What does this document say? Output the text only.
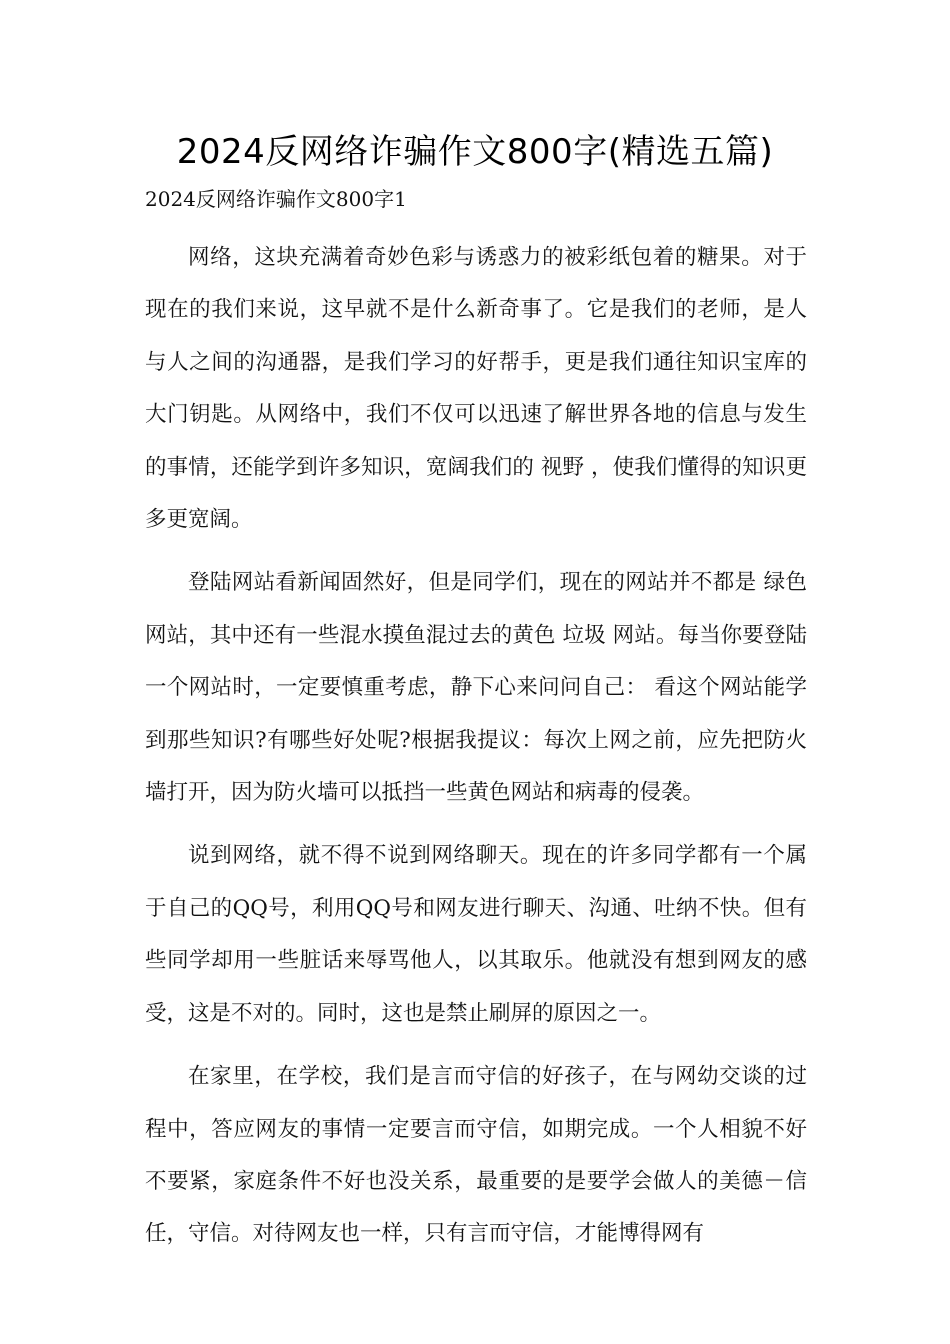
2024反网络诈骗作文800字(精选五篇)
2024反网络诈骗作文800字1

网络，这块充满着奇妙色彩与诱惑力的被彩纸包着的糖果。对于现在的我们来说，这早就不是什么新奇事了。它是我们的老师，是人与人之间的沟通器，是我们学习的好帮手，更是我们通往知识宝库的大门钥匙。从网络中，我们不仅可以迅速了解世界各地的信息与发生的事情，还能学到许多知识，宽阔我们的 视野 ，使我们懂得的知识更多更宽阔。

登陆网站看新闻固然好，但是同学们，现在的网站并不都是 绿色 网站，其中还有一些混水摸鱼混过去的黄色 垃圾 网站。每当你要登陆一个网站时，一定要慎重考虑，静下心来问问自己： 看这个网站能学到那些知识?有哪些好处呢?根据我提议：每次上网之前，应先把防火墙打开，因为防火墙可以抵挡一些黄色网站和病毒的侵袭。

说到网络，就不得不说到网络聊天。现在的许多同学都有一个属于自己的QQ号，利用QQ号和网友进行聊天、沟通、吐纳不快。但有些同学却用一些脏话来辱骂他人，以其取乐。他就没有想到网友的感受，这是不对的。同时，这也是禁止刷屏的原因之一。

在家里，在学校，我们是言而守信的好孩子，在与网幼交谈的过程中，答应网友的事情一定要言而守信，如期完成。一个人相貌不好不要紧，家庭条件不好也没关系，最重要的是要学会做人的美德－信任，守信。对待网友也一样，只有言而守信，才能博得网有
